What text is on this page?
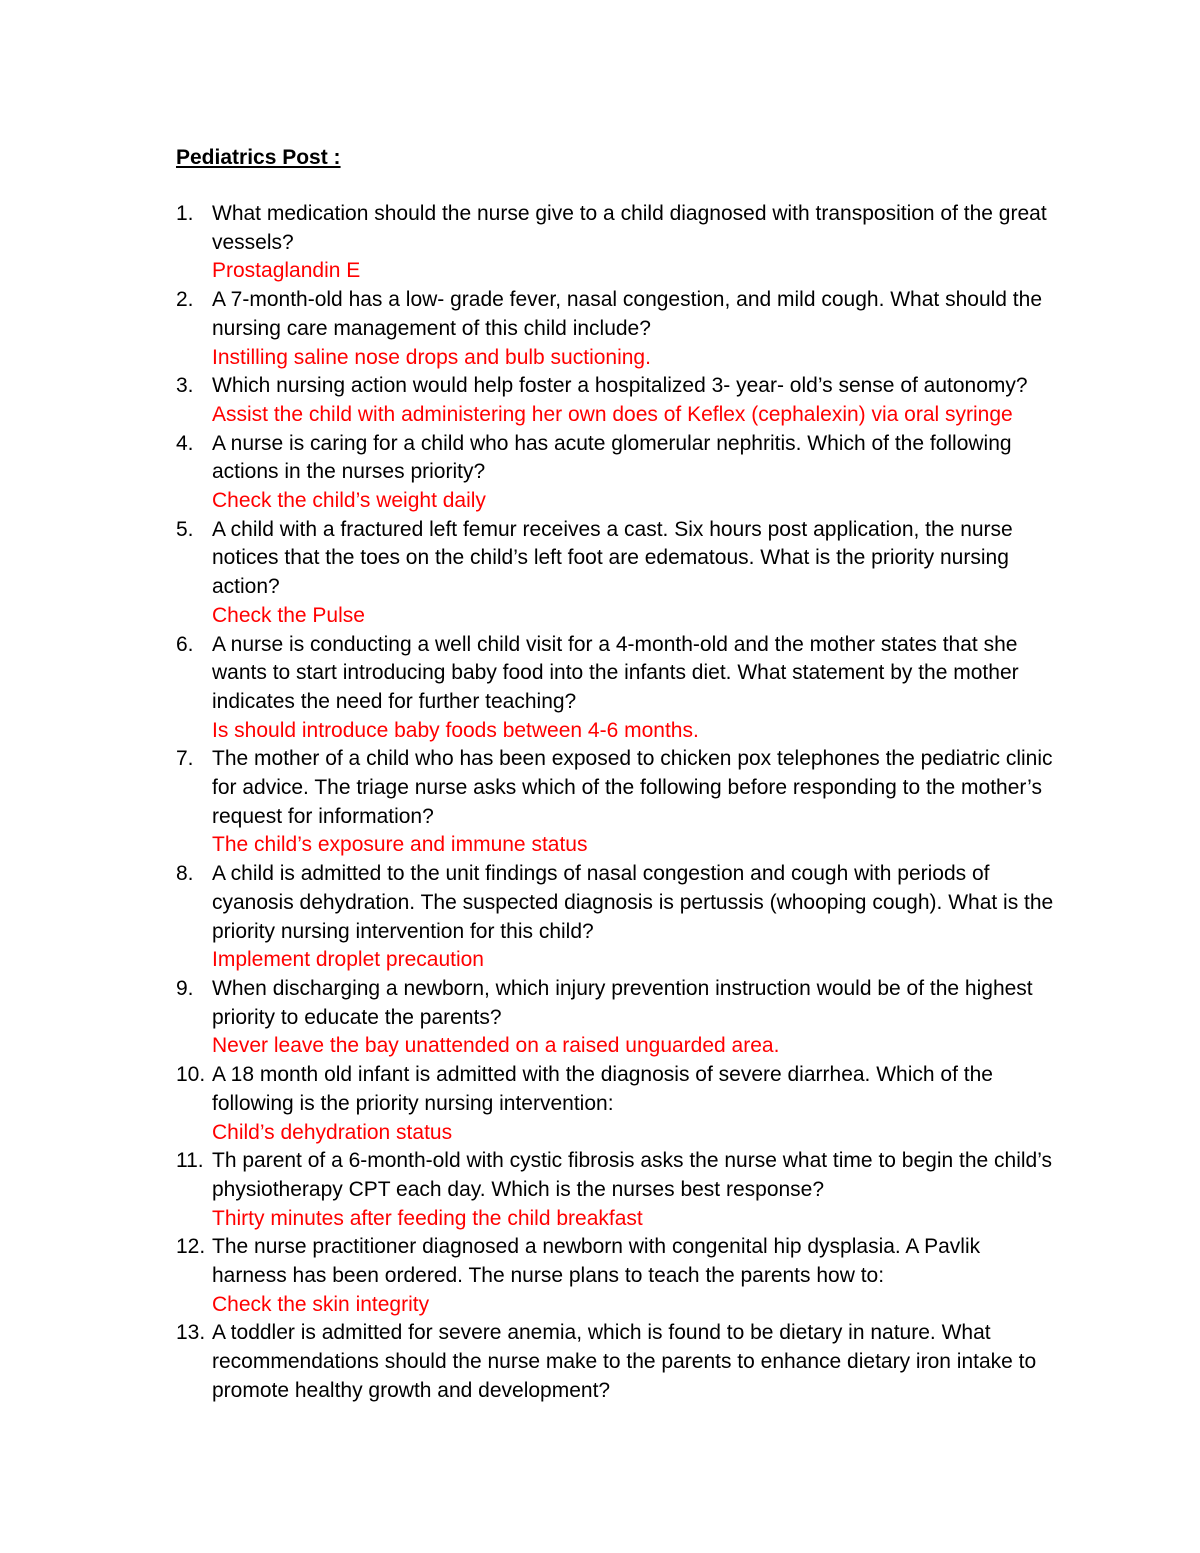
Pediatrics Post :
1. What medication should the nurse give to a child diagnosed with transposition of the great vessels?
Prostaglandin E
2. A 7-month-old has a low- grade fever, nasal congestion, and mild cough. What should the nursing care management of this child include?
Instilling saline nose drops and bulb suctioning.
3. Which nursing action would help foster a hospitalized 3- year- old’s sense of autonomy?
Assist the child with administering her own does of Keflex (cephalexin) via oral syringe
4. A nurse is caring for a child who has acute glomerular nephritis. Which of the following actions in the nurses priority?
Check the child’s weight daily
5. A child with a fractured left femur receives a cast. Six hours post application, the nurse notices that the toes on the child’s left foot are edematous. What is the priority nursing action?
Check the Pulse
6. A nurse is conducting a well child visit for a 4-month-old and the mother states that she wants to start introducing baby food into the infants diet. What statement by the mother indicates the need for further teaching?
Is should introduce baby foods between 4-6 months.
7. The mother of a child who has been exposed to chicken pox telephones the pediatric clinic for advice. The triage nurse asks which of the following before responding to the mother’s request for information?
The child’s exposure and immune status
8. A child is admitted to the unit findings of nasal congestion and cough with periods of cyanosis dehydration. The suspected diagnosis is pertussis (whooping cough). What is the priority nursing intervention for this child?
Implement droplet precaution
9. When discharging a newborn, which injury prevention instruction would be of the highest priority to educate the parents?
Never leave the bay unattended on a raised unguarded area.
10. A 18 month old infant is admitted with the diagnosis of severe diarrhea. Which of the following is the priority nursing intervention:
Child’s dehydration status
11. Th parent of a 6-month-old with cystic fibrosis asks the nurse what time to begin the child’s physiotherapy CPT each day. Which is the nurses best response?
Thirty minutes after feeding the child breakfast
12. The nurse practitioner diagnosed a newborn with congenital hip dysplasia. A Pavlik harness has been ordered. The nurse plans to teach the parents how to:
Check the skin integrity
13. A toddler is admitted for severe anemia, which is found to be dietary in nature. What recommendations should the nurse make to the parents to enhance dietary iron intake to promote healthy growth and development?
